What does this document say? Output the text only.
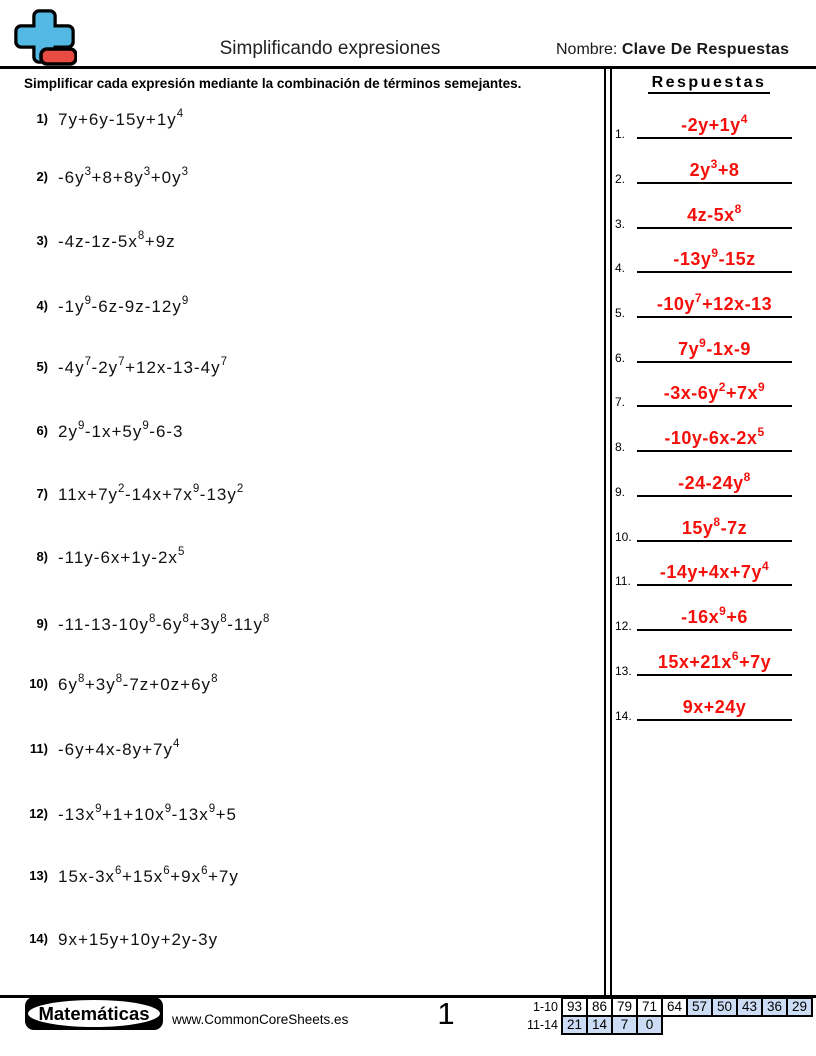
Simplificando expresiones	Nombre: Clave De Respuestas
Simplificar cada expresión mediante la combinación de términos semejantes.	Respuestas
1) $7y+6y-15y+1y^4$
2) $-6y^3+8+8y^3+0y^3$
3) $-4z-1z-5x^8+9z$
4) $-1y^9-6z-9z-12y^9$
5) $-4y^7-2y^7+12x-13-4y^7$
6) $2y^9-1x+5y^9-6-3$
7) $11x+7y^2-14x+7x^9-13y^2$
8) $-11y-6x+1y-2x^5$
9) $-11-13-10y^8-6y^8+3y^8-11y^8$
10) $6y^8+3y^8-7z+0z+6y^8$
11) $-6y+4x-8y+7y^4$
12) $-13x^9+1+10x^9-13x^9+5$
13) $15x-3x^6+15x^6+9x^6+7y$
14) 9x+15y+10y+2y-3y
1.	$-2y+1y^4$
2.	$2y^3+8$
3.	$4z-5x^8$
4.	$-13y^9-15z$
5.	$-10y^7+12x-13$
6.	$7y^9-1x-9$
7.	$-3x-6y^2+7x^9$
8.	$-10y-6x-2x^5$
9.	$-24-24y^8$
10.	$15y^8-7z$
11.	$-14y+4x+7y^4$
12.	$-16x^9+6$
13.	$15x+21x^6+7y$
14.	9x+24y
Matemáticas	www.CommonCoreSheets.es	1	1-10 93 86 79 71 64 57 50 43 36 29
11-14 21 14	7	0
